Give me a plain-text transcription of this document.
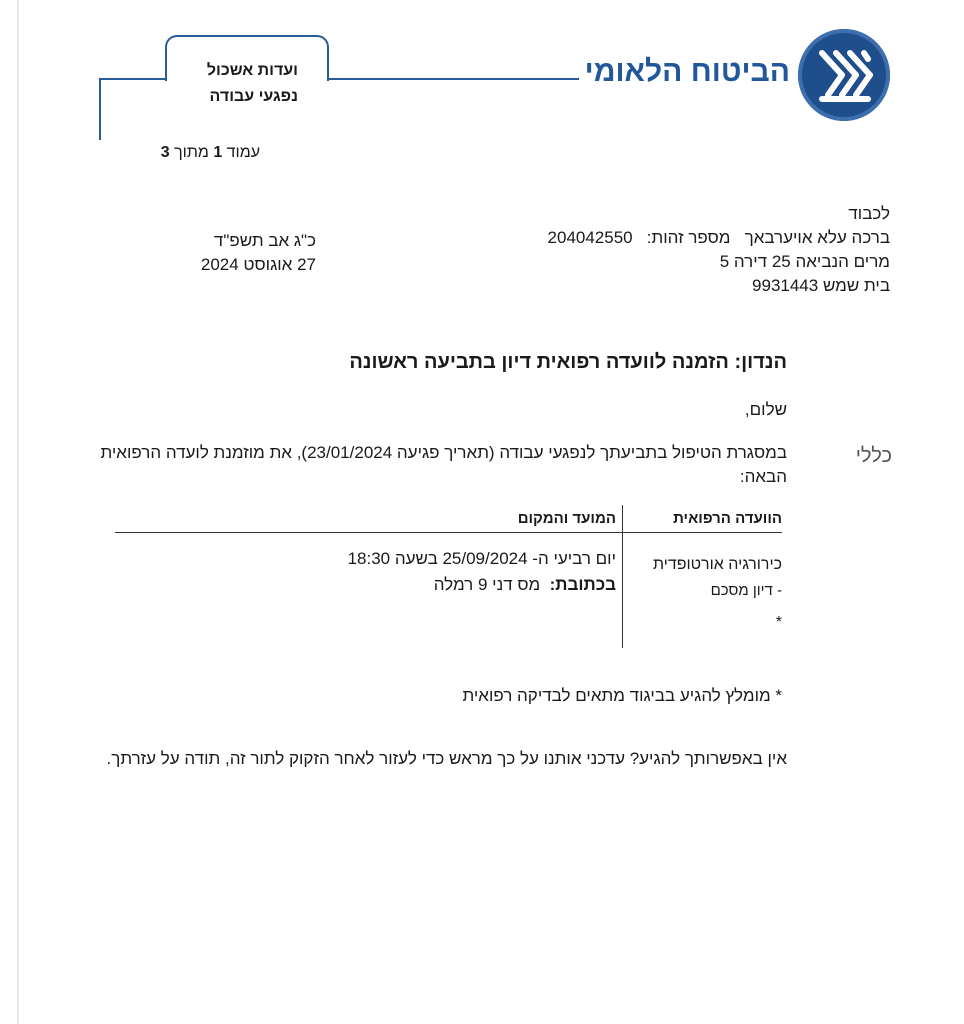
הביטוח הלאומי
ועדות אשכול
נפגעי עבודה
עמוד 1 מתוך 3
לכבוד
ברכה עלא אויערבאך   מספר זהות:   204042550
מרים הנביאה 25 דירה 5
בית שמש 9931443
כ"ג אב תשפ"ד
27 אוגוסט 2024
הנדון: הזמנה לוועדה רפואית דיון בתביעה ראשונה
שלום,
כללי
במסגרת הטיפול בתביעתך לנפגעי עבודה (תאריך פגיעה 23/01/2024), את מוזמנת לועדה הרפואית הבאה:
הוועדה הרפואית
המועד והמקום
כירורגיה אורטופדית
- דיון מסכם
*
יום רביעי ה- 25/09/2024 בשעה 18:30
בכתובת:  מס דני 9 רמלה
* מומלץ להגיע בביגוד מתאים לבדיקה רפואית
אין באפשרותך להגיע? עדכני אותנו על כך מראש כדי לעזור לאחר הזקוק לתור זה, תודה על עזרתך.
